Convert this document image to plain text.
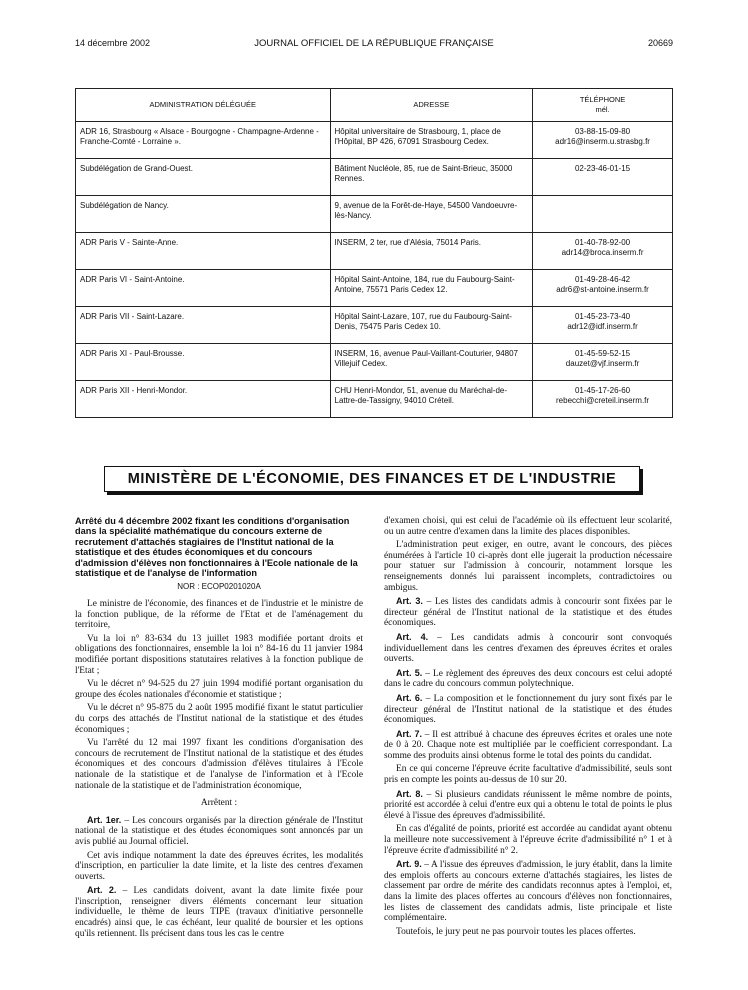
14 décembre 2002	JOURNAL OFFICIEL DE LA RÉPUBLIQUE FRANÇAISE	20669
ADMINISTRATION DÉLÉGUÉE	ADRESSE	TÉLÉPHONE
mél.

ADR 16, Strasbourg « Alsace - Bourgogne - Champagne-Ardenne - Franche-Comté - Lorraine ».	Hôpital universitaire de Strasbourg, 1, place de l'Hôpital, BP 426, 67091 Strasbourg Cedex.	03-88-15-09-80
adr16@inserm.u.strasbg.fr

Subdélégation de Grand-Ouest.	Bâtiment Nucléole, 85, rue de Saint-Brieuc, 35000 Rennes.	02-23-46-01-15

Subdélégation de Nancy.	9, avenue de la Forêt-de-Haye, 54500 Vandoeuvre-lès-Nancy.	

ADR Paris V - Sainte-Anne.	INSERM, 2 ter, rue d'Alésia, 75014 Paris.	01-40-78-92-00
adr14@broca.inserm.fr

ADR Paris VI - Saint-Antoine.	Hôpital Saint-Antoine, 184, rue du Faubourg-Saint-Antoine, 75571 Paris Cedex 12.	01-49-28-46-42
adr6@st-antoine.inserm.fr

ADR Paris VII - Saint-Lazare.	Hôpital Saint-Lazare, 107, rue du Faubourg-Saint-Denis, 75475 Paris Cedex 10.	01-45-23-73-40
adr12@idf.inserm.fr

ADR Paris XI - Paul-Brousse.	INSERM, 16, avenue Paul-Vaillant-Couturier, 94807 Villejuif Cedex.	01-45-59-52-15
dauzet@vjf.inserm.fr

ADR Paris XII - Henri-Mondor.	CHU Henri-Mondor, 51, avenue du Maréchal-de-Lattre-de-Tassigny, 94010 Créteil.	01-45-17-26-60
rebecchi@creteil.inserm.fr
MINISTÈRE DE L'ÉCONOMIE, DES FINANCES ET DE L'INDUSTRIE
Arrêté du 4 décembre 2002 fixant les conditions d'organisation dans la spécialité mathématique du concours externe de recrutement d'attachés stagiaires de l'Institut national de la statistique et des études économiques et du concours d'admission d'élèves non fonctionnaires à l'Ecole nationale de la statistique et de l'analyse de l'information
NOR : ECOP0201020A

Le ministre de l'économie, des finances et de l'industrie et le ministre de la fonction publique, de la réforme de l'Etat et de l'aménagement du territoire,

Vu la loi n° 83-634 du 13 juillet 1983 modifiée portant droits et obligations des fonctionnaires, ensemble la loi n° 84-16 du 11 janvier 1984 modifiée portant dispositions statutaires relatives à la fonction publique de l'Etat ;

Vu le décret n° 94-525 du 27 juin 1994 modifié portant organisation du groupe des écoles nationales d'économie et statistique ;

Vu le décret n° 95-875 du 2 août 1995 modifié fixant le statut particulier du corps des attachés de l'Institut national de la statistique et des études économiques ;

Vu l'arrêté du 12 mai 1997 fixant les conditions d'organisation des concours de recrutement de l'Institut national de la statistique et des études économiques et des concours d'admission d'élèves titulaires à l'Ecole nationale de la statistique et de l'analyse de l'information et à l'Ecole nationale de la statistique et de l'administration économique,

Arrêtent :

Art. 1er. – Les concours organisés par la direction générale de l'Institut national de la statistique et des études économiques sont annoncés par un avis publié au Journal officiel.

Cet avis indique notamment la date des épreuves écrites, les modalités d'inscription, en particulier la date limite, et la liste des centres d'examen ouverts.

Art. 2. – Les candidats doivent, avant la date limite fixée pour l'inscription, renseigner divers éléments concernant leur situation individuelle, le thème de leurs TIPE (travaux d'initiative personnelle encadrés) ainsi que, le cas échéant, leur qualité de boursier et les options qu'ils retiennent. Ils précisent dans tous les cas le centre

d'examen choisi, qui est celui de l'académie où ils effectuent leur scolarité, ou un autre centre d'examen dans la limite des places disponibles.

L'administration peut exiger, en outre, avant le concours, des pièces énumérées à l'article 10 ci-après dont elle jugerait la production nécessaire pour statuer sur l'admission à concourir, notamment lorsque les renseignements donnés lui paraissent incomplets, contradictoires ou ambigus.

Art. 3. – Les listes des candidats admis à concourir sont fixées par le directeur général de l'Institut national de la statistique et des études économiques.

Art. 4. – Les candidats admis à concourir sont convoqués individuellement dans les centres d'examen des épreuves écrites et orales ouverts.

Art. 5. – Le règlement des épreuves des deux concours est celui adopté dans le cadre du concours commun polytechnique.

Art. 6. – La composition et le fonctionnement du jury sont fixés par le directeur général de l'Institut national de la statistique et des études économiques.

Art. 7. – Il est attribué à chacune des épreuves écrites et orales une note de 0 à 20. Chaque note est multipliée par le coefficient correspondant. La somme des produits ainsi obtenus forme le total des points du candidat.

En ce qui concerne l'épreuve écrite facultative d'admissibilité, seuls sont pris en compte les points au-dessus de 10 sur 20.

Art. 8. – Si plusieurs candidats réunissent le même nombre de points, priorité est accordée à celui d'entre eux qui a obtenu le total de points le plus élevé à l'issue des épreuves d'admissibilité.

En cas d'égalité de points, priorité est accordée au candidat ayant obtenu la meilleure note successivement à l'épreuve écrite d'admissibilité n° 1 et à l'épreuve écrite d'admissibilité n° 2.

Art. 9. – A l'issue des épreuves d'admission, le jury établit, dans la limite des emplois offerts au concours externe d'attachés stagiaires, les listes de classement par ordre de mérite des candidats reconnus aptes à l'emploi, et, dans la limite des places offertes au concours d'élèves non fonctionnaires, les listes de classement des candidats admis, liste principale et liste complémentaire.

Toutefois, le jury peut ne pas pourvoir toutes les places offertes.
